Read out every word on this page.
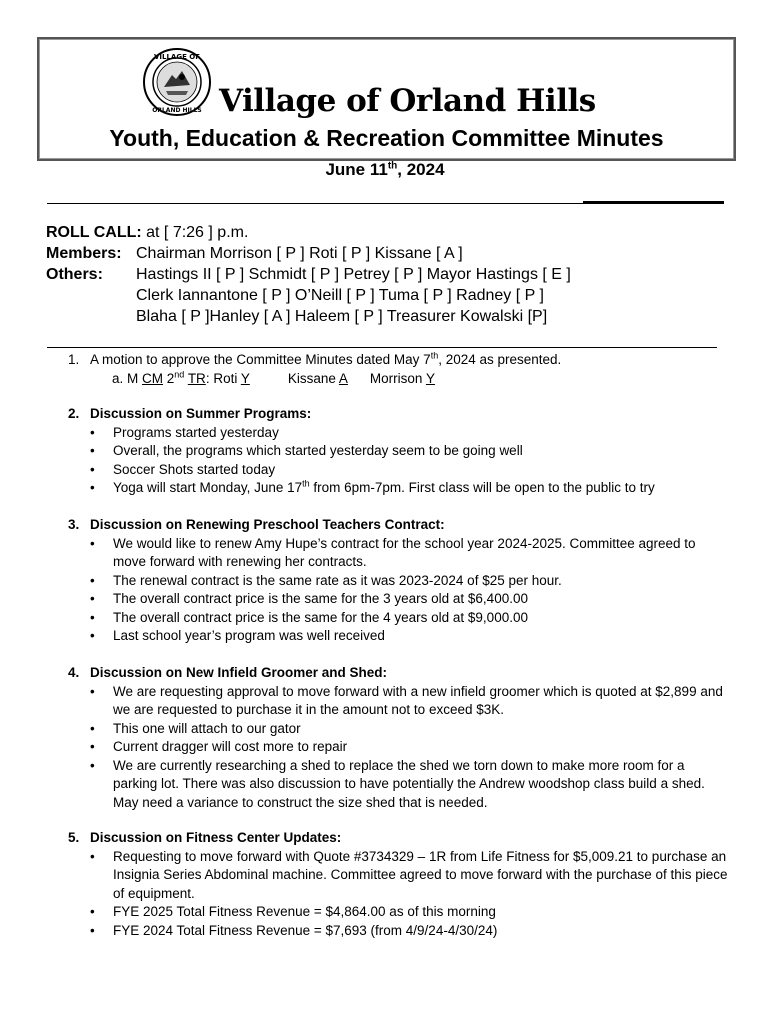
VILLAGE OF
ORLAND HILLS Village of Orland Hills
Youth, Education & Recreation Committee Minutes
June 11th, 2024
ROLL CALL: at [ 7:26 ] p.m.
Members: Chairman Morrison [ P ] Roti [ P ] Kissane [ A ]
Others: Hastings II [ P ] Schmidt [ P ] Petrey [ P ] Mayor Hastings [ E ]
Clerk Iannantone [ P ] O’Neill [ P ] Tuma [ P ] Radney [ P ]
Blaha [ P ]Hanley [ A ] Haleem [ P ] Treasurer Kowalski [P]
1. A motion to approve the Committee Minutes dated May 7th, 2024 as presented.
a. M CM 2nd TR: Roti Y	Kissane A Morrison Y
2. Discussion on Summer Programs:
• Programs started yesterday
• Overall, the programs which started yesterday seem to be going well
• Soccer Shots started today
• Yoga will start Monday, June 17th from 6pm-7pm. First class will be open to the public to try
3. Discussion on Renewing Preschool Teachers Contract:
• We would like to renew Amy Hupe’s contract for the school year 2024-2025. Committee agreed to move forward with renewing her contracts.
• The renewal contract is the same rate as it was 2023-2024 of $25 per hour.
• The overall contract price is the same for the 3 years old at $6,400.00
• The overall contract price is the same for the 4 years old at $9,000.00
• Last school year’s program was well received
4. Discussion on New Infield Groomer and Shed:
• We are requesting approval to move forward with a new infield groomer which is quoted at $2,899 and we are requested to purchase it in the amount not to exceed $3K.
• This one will attach to our gator
• Current dragger will cost more to repair
• We are currently researching a shed to replace the shed we torn down to make more room for a parking lot. There was also discussion to have potentially the Andrew woodshop class build a shed. May need a variance to construct the size shed that is needed.
5. Discussion on Fitness Center Updates:
• Requesting to move forward with Quote #3734329 – 1R from Life Fitness for $5,009.21 to purchase an Insignia Series Abdominal machine. Committee agreed to move forward with the purchase of this piece of equipment.
• FYE 2025 Total Fitness Revenue = $4,864.00 as of this morning
• FYE 2024 Total Fitness Revenue = $7,693 (from 4/9/24-4/30/24)
